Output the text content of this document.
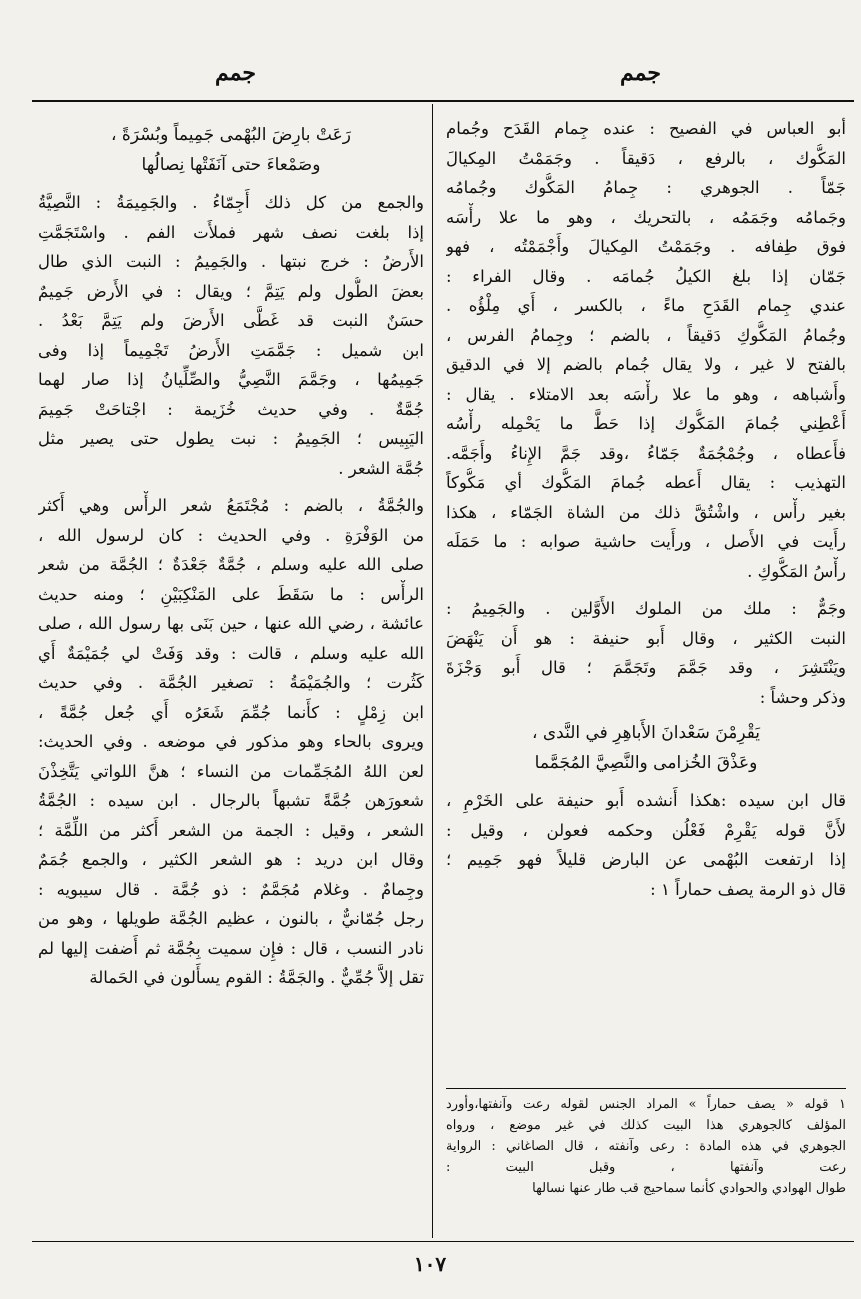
جمم
جمم
أبو العباس في الفصيح : عنده جِمام القَدَح وجُمام
المَكُّوك ، بالرفع ، دَقيقاً . وجَمَمْتُ المِكيالَ
جَمّاً . الجوهري : جِمامُ المَكُّوك وجُمامُه
وجَمامُه وجَمَمُه ، بالتحريك ، وهو ما علا رأْسَه
فوق طِفافه . وجَمَمْتُ المِكيالَ وأَجْمَمْتُه ، فهو
جَمّان إذا بلغ الكيلُ جُمامَه . وقال الفراء :
عندي جِمام القَدَحِ ماءً ، بالكسر ، أَي مِلْؤُه .
وجُمامُ المَكُّوكِ دَقيقاً ، بالضم ؛ وجِمامُ الفرس ،
بالفتح لا غير ، ولا يقال جُمام بالضم إلا في الدقيق
وأَشباهه ، وهو ما علا رأْسَه بعد الامتلاء . يقال :
أَعْطِني جُمامَ المَكُّوك إذا حَطَّ ما يَحْمِله رأْسُه
فأَعطاه ، وجُمْجُمَةٌ جَمّاءُ ،وقد جَمَّ الإِناءُ وأَجَمَّه.
التهذيب : يقال أَعطه جُمامَ المَكُّوك أي مَكُّوكاً
بغير رأْس ، واشْتُقَّ ذلك من الشاة الجَمّاء ، هكذا
رأَيت في الأَصل ، ورأَيت حاشية صوابه : ما حَمَلَه
رأْسُ المَكُّوكِ .
وجَمٌّ : ملك من الملوك الأَوَّلين . والجَمِيمُ :
النبت الكثير ، وقال أَبو حنيفة : هو أَن يَنْهَضَ
ويَنْتَشِرَ ، وقد جَمَّمَ وتَجَمَّمَ ؛ قال أَبو وَجْزَةَ
وذكر وحشاً :
يَقْرِمْنَ سَعْدانَ الأَباهِرِ في النَّدى ،
وعَذْقَ الخُزامى والنَّصِيَّ المُجَمَّما
قال ابن سيده :هكذا أَنشده أَبو حنيفة على الخَرْمِ ،
لأَنَّ قوله يَقْرِمْ فَعْلُن وحكمه فعولن ، وقيل :
إذا ارتفعت البُهْمى عن البارض قليلاً فهو جَمِيم ؛
قال ذو الرمة يصف حماراً ١ :
١ قوله « يصف حماراً » المراد الجنس لقوله رعت وآنفتها،وأورد
المؤلف كالجوهري هذا البيت كذلك في غير موضع ، ورواه
الجوهري في هذه المادة : رعى وآنفته ، قال الصاغاني : الرواية
رعت وآنفتها ، وقبل البيت :
طوال الهوادي والحوادي كأنما سماحيج قب طار عنها نسالها
رَعَتْ بارِضَ البُهْمى جَمِيماً وبُسْرَةً ،
وصَمْعاءَ حتى آنَفَتْها نِصالُها
والجمع من كل ذلك أَجِمّاءُ . والجَمِيمَةُ : النَّصِيَّةُ
إذا بلغت نصف شهر فملأَت الفم . واسْتَجَمَّتِ
الأَرضُ : خرج نبتها . والجَمِيمُ : النبت الذي طال
بعضَ الطُّول ولم يَتِمَّ ؛ ويقال : في الأَرض جَمِيمٌ
حسَنٌ النبت قد غَطَّى الأَرضَ ولم يَتِمَّ بَعْدُ .
ابن شميل : جَمَّمَتِ الأَرضُ تَجْمِيماً إذا وفى
جَمِيمُها ، وجَمَّمَ النَّصِيُّ والصِّلِّيانُ إذا صار لهما
جُمَّةٌ . وفي حديث خُزَيمة : اجْتاحَتْ جَمِيمَ
اليَبِيس ؛ الجَمِيمُ : نبت يطول حتى يصير مثل
جُمَّة الشعر .
والجُمَّةُ ، بالضم : مُجْتَمَعُ شعر الرأْس وهي أَكثر
من الوَفْرَةِ . وفي الحديث : كان لرسول الله ،
صلى الله عليه وسلم ، جُمَّةٌ جَعْدَةٌ ؛ الجُمَّة من شعر
الرأْس : ما سَقَطَ على المَنْكِبَيْنِ ؛ ومنه حديث
عائشة ، رضي الله عنها ، حين بَنَى بها رسول الله ، صلى
الله عليه وسلم ، قالت : وقد وَفَتْ لي جُمَيْمَةٌ أَي
كَثُرت ؛ والجُمَيْمَةُ : تصغير الجُمَّة . وفي حديث
ابن زِمْلٍ : كأَنما جُمِّمَ شَعَرُه أَي جُعل جُمَّةً ،
ويروى بالحاء وهو مذكور في موضعه . وفي الحديث:
لعن اللهُ المُجَمِّمات من النساء ؛ هنَّ اللواتي يَتَّخِذْنَ
شعورَهن جُمَّةً تشبهاً بالرجال . ابن سيده : الجُمَّةُ
الشعر ، وقيل : الجمة من الشعر أَكثر من اللِّمَّة ؛
وقال ابن دريد : هو الشعر الكثير ، والجمع جُمَمٌ
وجِمامٌ . وغلام مُجَمَّمٌ : ذو جُمَّة . قال سيبويه :
رجل جُمّانيٌّ ، بالنون ، عظيم الجُمَّة طويلها ، وهو من
نادر النسب ، قال : فإِن سميت بِجُمَّة ثم أَضفت إليها لم
تقل إلاَّ جُمِّيٌّ . والجَمَّةُ : القوم يسأَلون في الحَمالة
١٠٧
